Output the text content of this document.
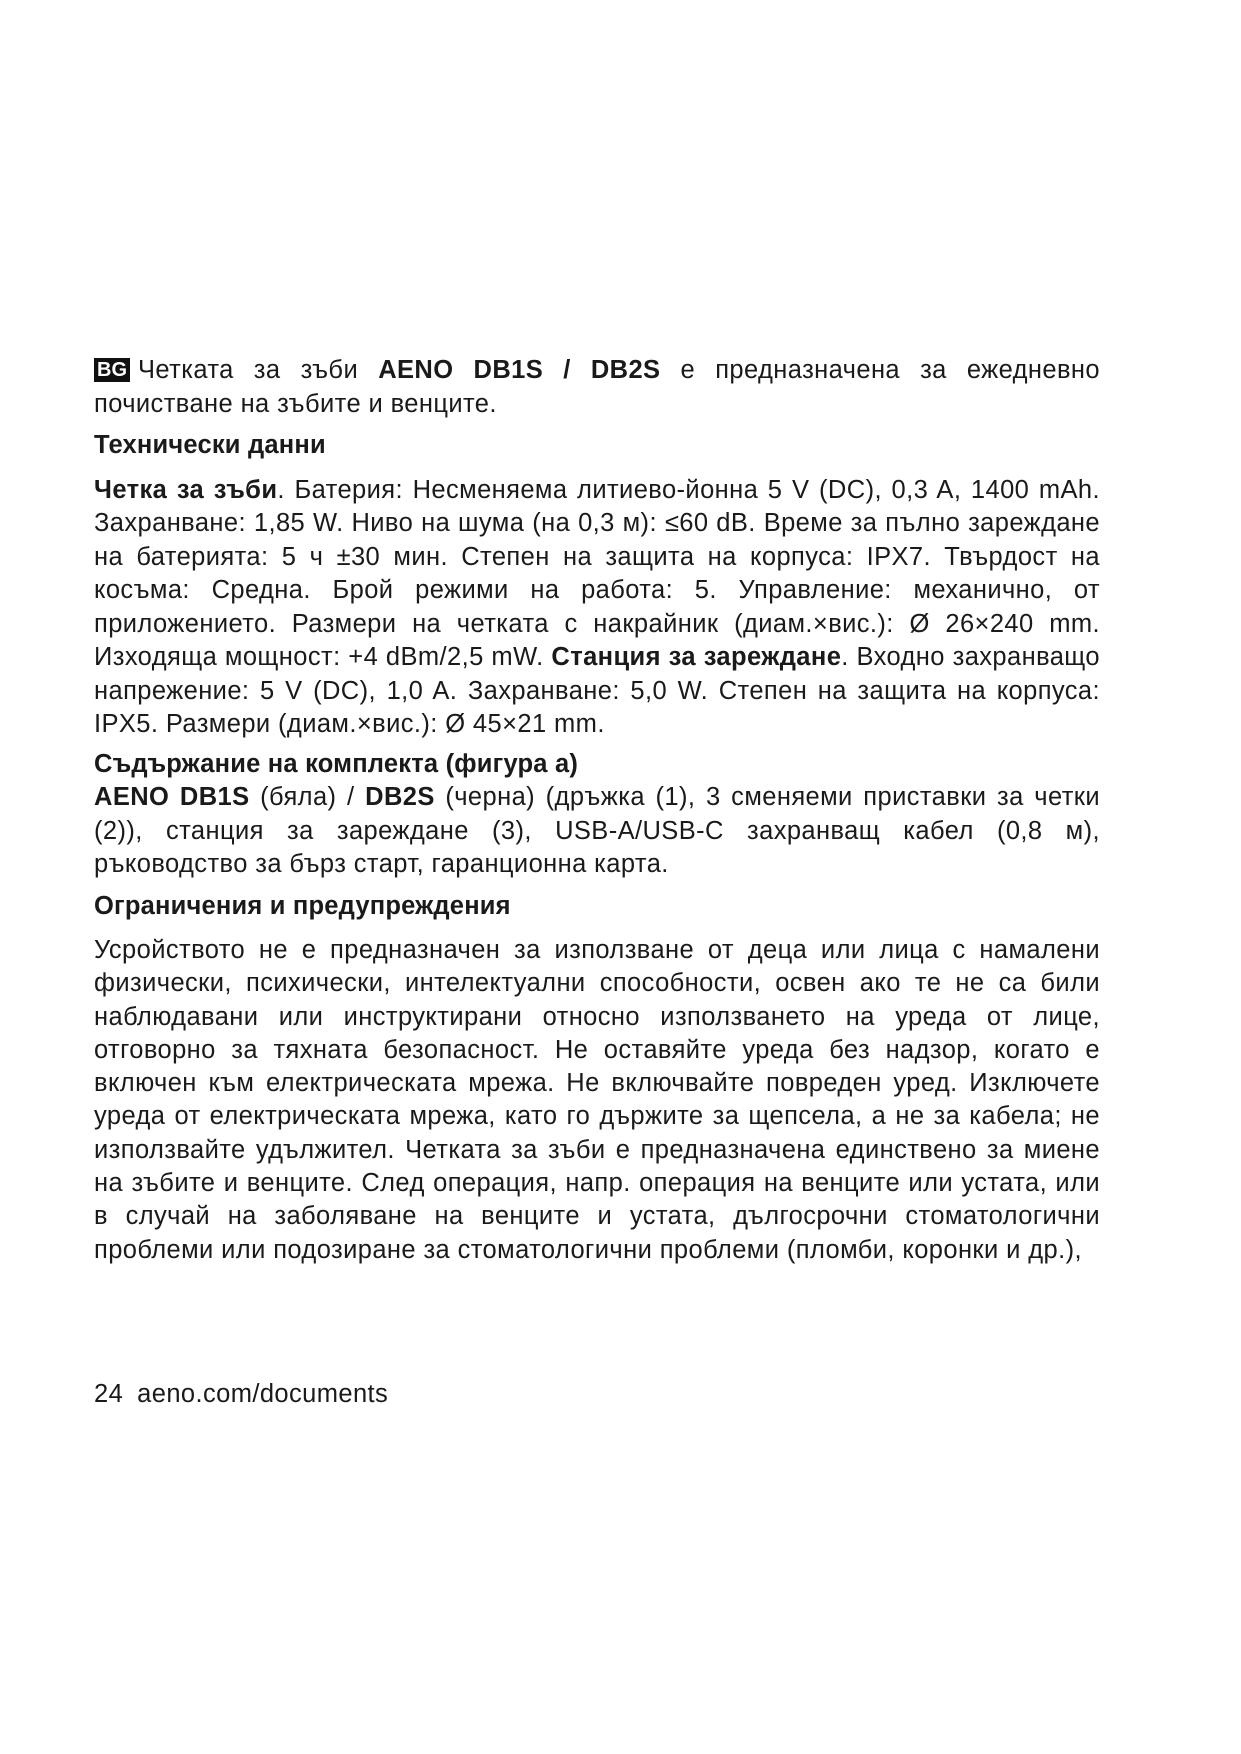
BG Четката за зъби AENO DB1S / DB2S е предназначена за ежедневно почистване на зъбите и венците.

Технически данни

Четка за зъби. Батерия: Несменяема литиево-йонна 5 V (DC), 0,3 A, 1400 mAh. Захранване: 1,85 W. Ниво на шума (на 0,3 м): ≤60 dB. Време за пълно зареждане на батерията: 5 ч ±30 мин. Степен на защита на корпуса: IPX7. Твърдост на косъма: Средна. Брой режими на работа: 5. Управление: механично, от приложението. Размери на четката с накрайник (диам.×вис.): Ø 26×240 mm. Изходяща мощност: +4 dBm/2,5 mW. Станция за зареждане. Входно захранващо напрежение: 5 V (DC), 1,0 A. Захранване: 5,0 W. Степен на защита на корпуса: IPX5. Размери (диам.×вис.): Ø 45×21 mm.

Съдържание на комплекта (фигура а)

AENO DB1S (бяла) / DB2S (черна) (дръжка (1), 3 сменяеми приставки за четки (2)), станция за зареждане (3), USB-A/USB-C захранващ кабел (0,8 м), ръководство за бърз старт, гаранционна карта.

Ограничения и предупреждения

Усройството не е предназначен за използване от деца или лица с намалени физически, психически, интелектуални способности, освен ако те не са били наблюдавани или инструктирани относно използването на уреда от лице, отговорно за тяхната безопасност. Не оставяйте уреда без надзор, когато е включен към електрическата мрежа. Не включвайте повреден уред. Изключете уреда от електрическата мрежа, като го държите за щепсела, а не за кабела; не използвайте удължител. Четката за зъби е предназначена единствено за миене на зъбите и венците. След операция, напр. операция на венците или устата, или в случай на заболяване на венците и устата, дългосрочни стоматологични проблеми или подозиране за стоматологични проблеми (пломби, коронки и др.),

24 aeno.com/documents
